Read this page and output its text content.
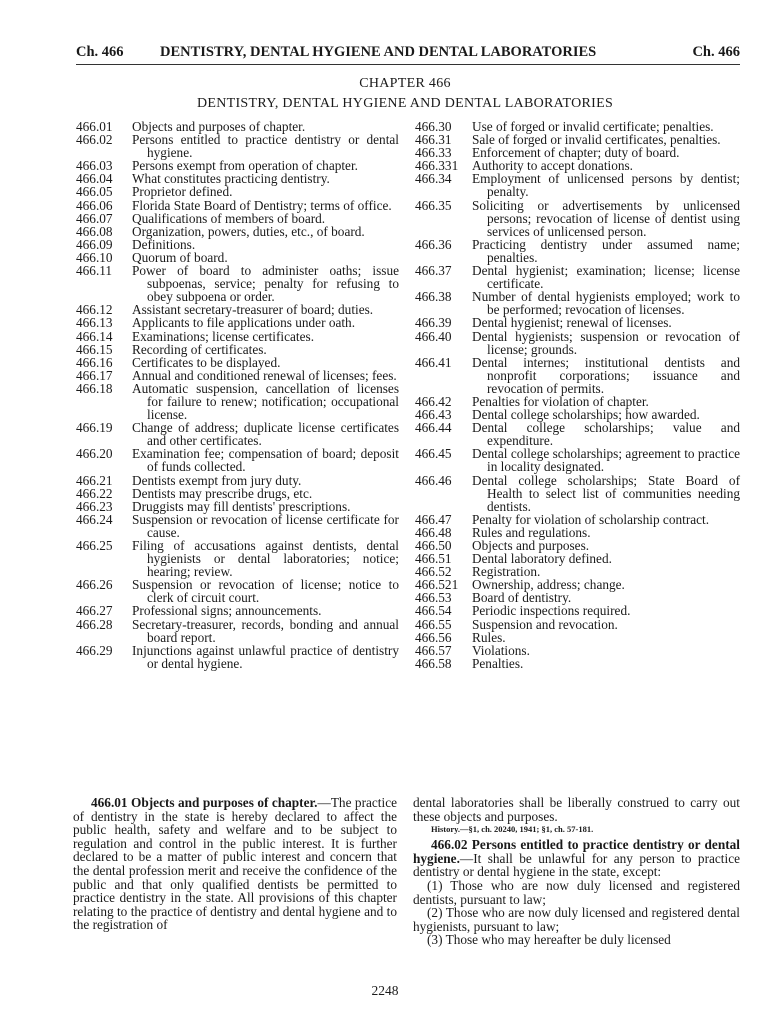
Ch. 466	DENTISTRY, DENTAL HYGIENE AND DENTAL LABORATORIES	Ch. 466
CHAPTER 466
DENTISTRY, DENTAL HYGIENE AND DENTAL LABORATORIES
466.01	Objects and purposes of chapter.
466.02	Persons entitled to practice dentistry or dental hygiene.
466.03	Persons exempt from operation of chapter.
466.04	What constitutes practicing dentistry.
466.05	Proprietor defined.
466.06	Florida State Board of Dentistry; terms of office.
466.07	Qualifications of members of board.
466.08	Organization, powers, duties, etc., of board.
466.09	Definitions.
466.10	Quorum of board.
466.11	Power of board to administer oaths; issue subpoenas, service; penalty for refusing to obey subpoena or order.
466.12	Assistant secretary-treasurer of board; duties.
466.13	Applicants to file applications under oath.
466.14	Examinations; license certificates.
466.15	Recording of certificates.
466.16	Certificates to be displayed.
466.17	Annual and conditioned renewal of licenses; fees.
466.18	Automatic suspension, cancellation of licenses for failure to renew; notification; occupational license.
466.19	Change of address; duplicate license certificates and other certificates.
466.20	Examination fee; compensation of board; deposit of funds collected.
466.21	Dentists exempt from jury duty.
466.22	Dentists may prescribe drugs, etc.
466.23	Druggists may fill dentists' prescriptions.
466.24	Suspension or revocation of license certificate for cause.
466.25	Filing of accusations against dentists, dental hygienists or dental laboratories; notice; hearing; review.
466.26	Suspension or revocation of license; notice to clerk of circuit court.
466.27	Professional signs; announcements.
466.28	Secretary-treasurer, records, bonding and annual board report.
466.29	Injunctions against unlawful practice of dentistry or dental hygiene.
466.30	Use of forged or invalid certificate; penalties.
466.31	Sale of forged or invalid certificates, penalties.
466.33	Enforcement of chapter; duty of board.
466.331	Authority to accept donations.
466.34	Employment of unlicensed persons by dentist; penalty.
466.35	Soliciting or advertisements by unlicensed persons; revocation of license of dentist using services of unlicensed person.
466.36	Practicing dentistry under assumed name; penalties.
466.37	Dental hygienist; examination; license; license certificate.
466.38	Number of dental hygienists employed; work to be performed; revocation of licenses.
466.39	Dental hygienist; renewal of licenses.
466.40	Dental hygienists; suspension or revocation of license; grounds.
466.41	Dental internes; institutional dentists and nonprofit corporations; issuance and revocation of permits.
466.42	Penalties for violation of chapter.
466.43	Dental college scholarships; how awarded.
466.44	Dental college scholarships; value and expenditure.
466.45	Dental college scholarships; agreement to practice in locality designated.
466.46	Dental college scholarships; State Board of Health to select list of communities needing dentists.
466.47	Penalty for violation of scholarship contract.
466.48	Rules and regulations.
466.50	Objects and purposes.
466.51	Dental laboratory defined.
466.52	Registration.
466.521	Ownership, address; change.
466.53	Board of dentistry.
466.54	Periodic inspections required.
466.55	Suspension and revocation.
466.56	Rules.
466.57	Violations.
466.58	Penalties.

466.01 Objects and purposes of chapter.—The practice of dentistry in the state is hereby declared to affect the public health, safety and welfare and to be subject to regulation and control in the public interest. It is further declared to be a matter of public interest and concern that the dental profession merit and receive the confidence of the public and that only qualified dentists be permitted to practice dentistry in the state. All provisions of this chapter relating to the practice of dentistry and dental hygiene and to the registration of

dental laboratories shall be liberally construed to carry out these objects and purposes.

History.—§1, ch. 20240, 1941; §1, ch. 57-181.

466.02 Persons entitled to practice dentistry or dental hygiene.—It shall be unlawful for any person to practice dentistry or dental hygiene in the state, except:

(1) Those who are now duly licensed and registered dentists, pursuant to law;

(2) Those who are now duly licensed and registered dental hygienists, pursuant to law;

(3) Those who may hereafter be duly licensed

2248
